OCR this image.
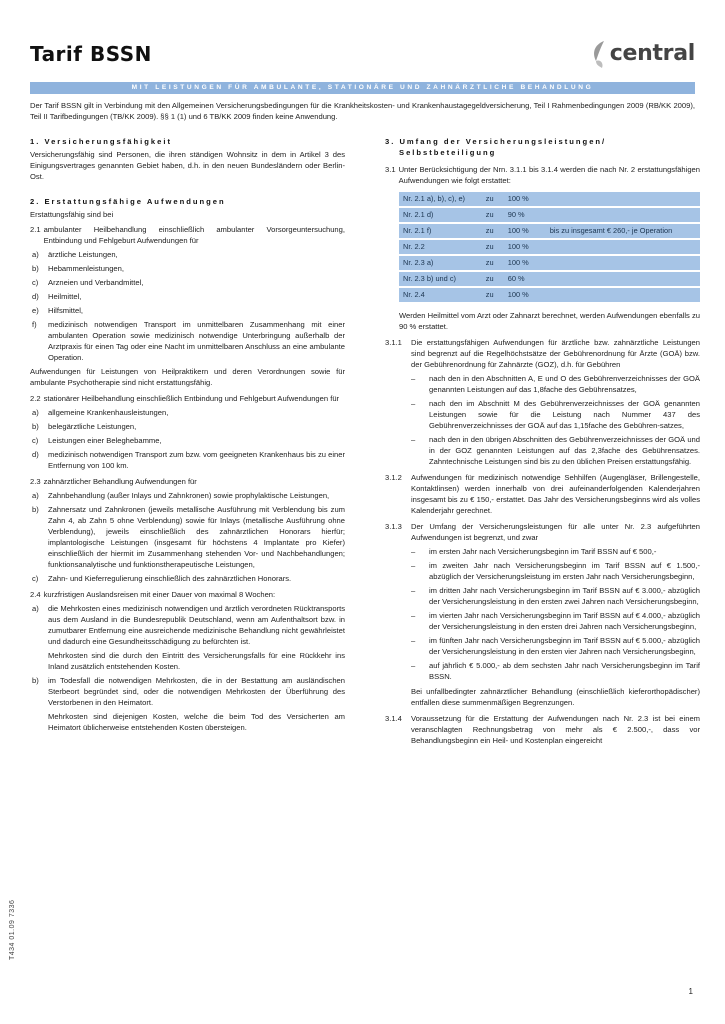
Tarif BSSN	central
MIT LEISTUNGEN FÜR AMBULANTE, STATIONÄRE UND ZAHNÄRZTLICHE BEHANDLUNG
Der Tarif BSSN gilt in Verbindung mit den Allgemeinen Versicherungsbedingungen für die Krankheitskosten- und Krankenhaustagegeldversicherung, Teil I Rahmenbedingungen 2009 (RB/KK 2009), Teil II Tarifbedingungen (TB/KK 2009). §§ 1 (1) und 6 TB/KK 2009 finden keine Anwendung.
1. Versicherungsfähigkeit

Versicherungsfähig sind Personen, die ihren ständigen Wohnsitz in dem in Artikel 3 des Einigungsvertrages genannten Gebiet haben, d.h. in den neuen Bundesländern oder Berlin-Ost.

2. Erstattungsfähige Aufwendungen

Erstattungsfähig sind bei

2.1 ambulanter Heilbehandlung einschließlich ambulanter Vorsorgeuntersuchung, Entbindung und Fehlgeburt Aufwendungen für
a)	ärztliche Leistungen,
b)	Hebammenleistungen,
c)	Arzneien und Verbandmittel,
d)	Heilmittel,
e)	Hilfsmittel,
f)	medizinisch notwendigen Transport im unmittelbaren Zusammenhang mit einer ambulanten Operation sowie medizinisch notwendige Unterbringung außerhalb der Arztpraxis für einen Tag oder eine Nacht im unmittelbaren Anschluss an eine ambulante Operation.

Aufwendungen für Leistungen von Heilpraktikern und deren Verordnungen sowie für ambulante Psychotherapie sind nicht erstattungsfähig.

2.2 stationärer Heilbehandlung einschließlich Entbindung und Fehlgeburt Aufwendungen für
a)	allgemeine Krankenhausleistungen,
b)	belegärztliche Leistungen,
c)	Leistungen einer Beleghebamme,
d)	medizinisch notwendigen Transport zum bzw. vom geeigneten Krankenhaus bis zu einer Entfernung von 100 km.
2.3 zahnärztlicher Behandlung Aufwendungen für
a)	Zahnbehandlung (außer Inlays und Zahnkronen) sowie prophylaktische Leistungen,
b)	Zahnersatz und Zahnkronen (jeweils metallische Ausführung mit Verblendung bis zum Zahn 4, ab Zahn 5 ohne Verblendung) sowie für Inlays (metallische Ausführung ohne Verblendung), jeweils einschließlich des zahnärztlichen Honorars hierfür; implantologische Leistungen (insgesamt für höchstens 4 Implantate pro Kiefer) einschließlich der hiermit im Zusammenhang stehenden Vor- und Nachbehandlungen; funktionsanalytische und funktionstherapeutische Leistungen,
c)	Zahn- und Kieferregulierung einschließlich des zahnärztlichen Honorars.
2.4 kurzfristigen Auslandsreisen mit einer Dauer von maximal 8 Wochen:
a)	die Mehrkosten eines medizinisch notwendigen und ärztlich verordneten Rücktransports aus dem Ausland in die Bundesrepublik Deutschland, wenn am Aufenthaltsort bzw. in zumutbarer Entfernung eine ausreichende medizinische Behandlung nicht gewährleistet und dadurch eine Gesundheitsschädigung zu befürchten ist.

Mehrkosten sind die durch den Eintritt des Versicherungsfalls für eine Rückkehr ins Inland zusätzlich entstehenden Kosten.

b)	im Todesfall die notwendigen Mehrkosten, die in der Bestattung am ausländischen Sterbeort begründet sind, oder die notwendigen Mehrkosten der Überführung des Verstorbenen in den Heimatort.

Mehrkosten sind diejenigen Kosten, welche die beim Tod des Versicherten am Heimatort üblicherweise entstehenden Kosten übersteigen.

3. Umfang der Versicherungsleistungen/
Selbstbeteiligung
3.1 Unter Berücksichtigung der Nrn. 3.1.1 bis 3.1.4 werden die nach Nr. 2 erstattungsfähigen Aufwendungen wie folgt erstattet:
Nr. 2.1 a), b), c), e)	zu	100 %	
Nr. 2.1 d)	zu	90 %	
Nr. 2.1 f)	zu	100 %	bis zu insgesamt € 260,- je Operation
Nr. 2.2	zu	100 %	
Nr. 2.3 a)	zu	100 %	
Nr. 2.3 b) und c)	zu	60 %	
Nr. 2.4	zu	100 %	

Werden Heilmittel vom Arzt oder Zahnarzt berechnet, werden Aufwendungen ebenfalls zu 90 % erstattet.

3.1.1	Die erstattungsfähigen Aufwendungen für ärztliche bzw. zahnärztliche Leistungen sind begrenzt auf die Regelhöchstsätze der Gebührenordnung für Ärzte (GOÄ) bzw. der Gebührenordnung für Zahnärzte (GOZ), d.h. für Gebühren
–	nach den in den Abschnitten A, E und O des Gebührenverzeichnisses der GOÄ genannten Leistungen auf das 1,8fache des Gebührensatzes,
–	nach den im Abschnitt M des Gebührenverzeichnisses der GOÄ genannten Leistungen sowie für die Leistung nach Nummer 437 des Gebührenverzeichnisses der GOÄ auf das 1,15fache des Gebühren-satzes,
–	nach den in den übrigen Abschnitten des Gebührenverzeichnisses der GOÄ und in der GOZ genannten Leistungen auf das 2,3fache des Gebührensatzes. Zahntechnische Leistungen sind bis zu den üblichen Preisen erstattungsfähig.
3.1.2	Aufwendungen für medizinisch notwendige Sehhilfen (Augengläser, Brillengestelle, Kontaktlinsen) werden innerhalb von drei aufeinanderfolgenden Kalenderjahren insgesamt bis zu € 150,- erstattet. Das Jahr des Versicherungsbeginns wird als volles Kalenderjahr gerechnet.
3.1.3	Der Umfang der Versicherungsleistungen für alle unter Nr. 2.3 aufgeführten Aufwendungen ist begrenzt, und zwar
–	im ersten Jahr nach Versicherungsbeginn im Tarif BSSN auf € 500,-
–	im zweiten Jahr nach Versicherungsbeginn im Tarif BSSN auf € 1.500,- abzüglich der Versicherungsleistung im ersten Jahr nach Versicherungsbeginn,
–	im dritten Jahr nach Versicherungsbeginn im Tarif BSSN auf € 3.000,- abzüglich der Versicherungsleistung in den ersten zwei Jahren nach Versicherungsbeginn,
–	im vierten Jahr nach Versicherungsbeginn im Tarif BSSN auf € 4.000,- abzüglich der Versicherungsleistung in den ersten drei Jahren nach Versicherungsbeginn,
–	im fünften Jahr nach Versicherungsbeginn im Tarif BSSN auf € 5.000,- abzüglich der Versicherungsleistung in den ersten vier Jahren nach Versicherungsbeginn,
–	auf jährlich € 5.000,- ab dem sechsten Jahr nach Versicherungsbeginn im Tarif BSSN.

Bei unfallbedingter zahnärztlicher Behandlung (einschließlich kieferorthopädischer) entfallen diese summenmäßigen Begrenzungen.

3.1.4	Voraussetzung für die Erstattung der Aufwendungen nach Nr. 2.3 ist bei einem veranschlagten Rechnungsbetrag von mehr als € 2.500,-, dass vor Behandlungsbeginn ein Heil- und Kostenplan eingereicht
T434 01.09 7336
1
